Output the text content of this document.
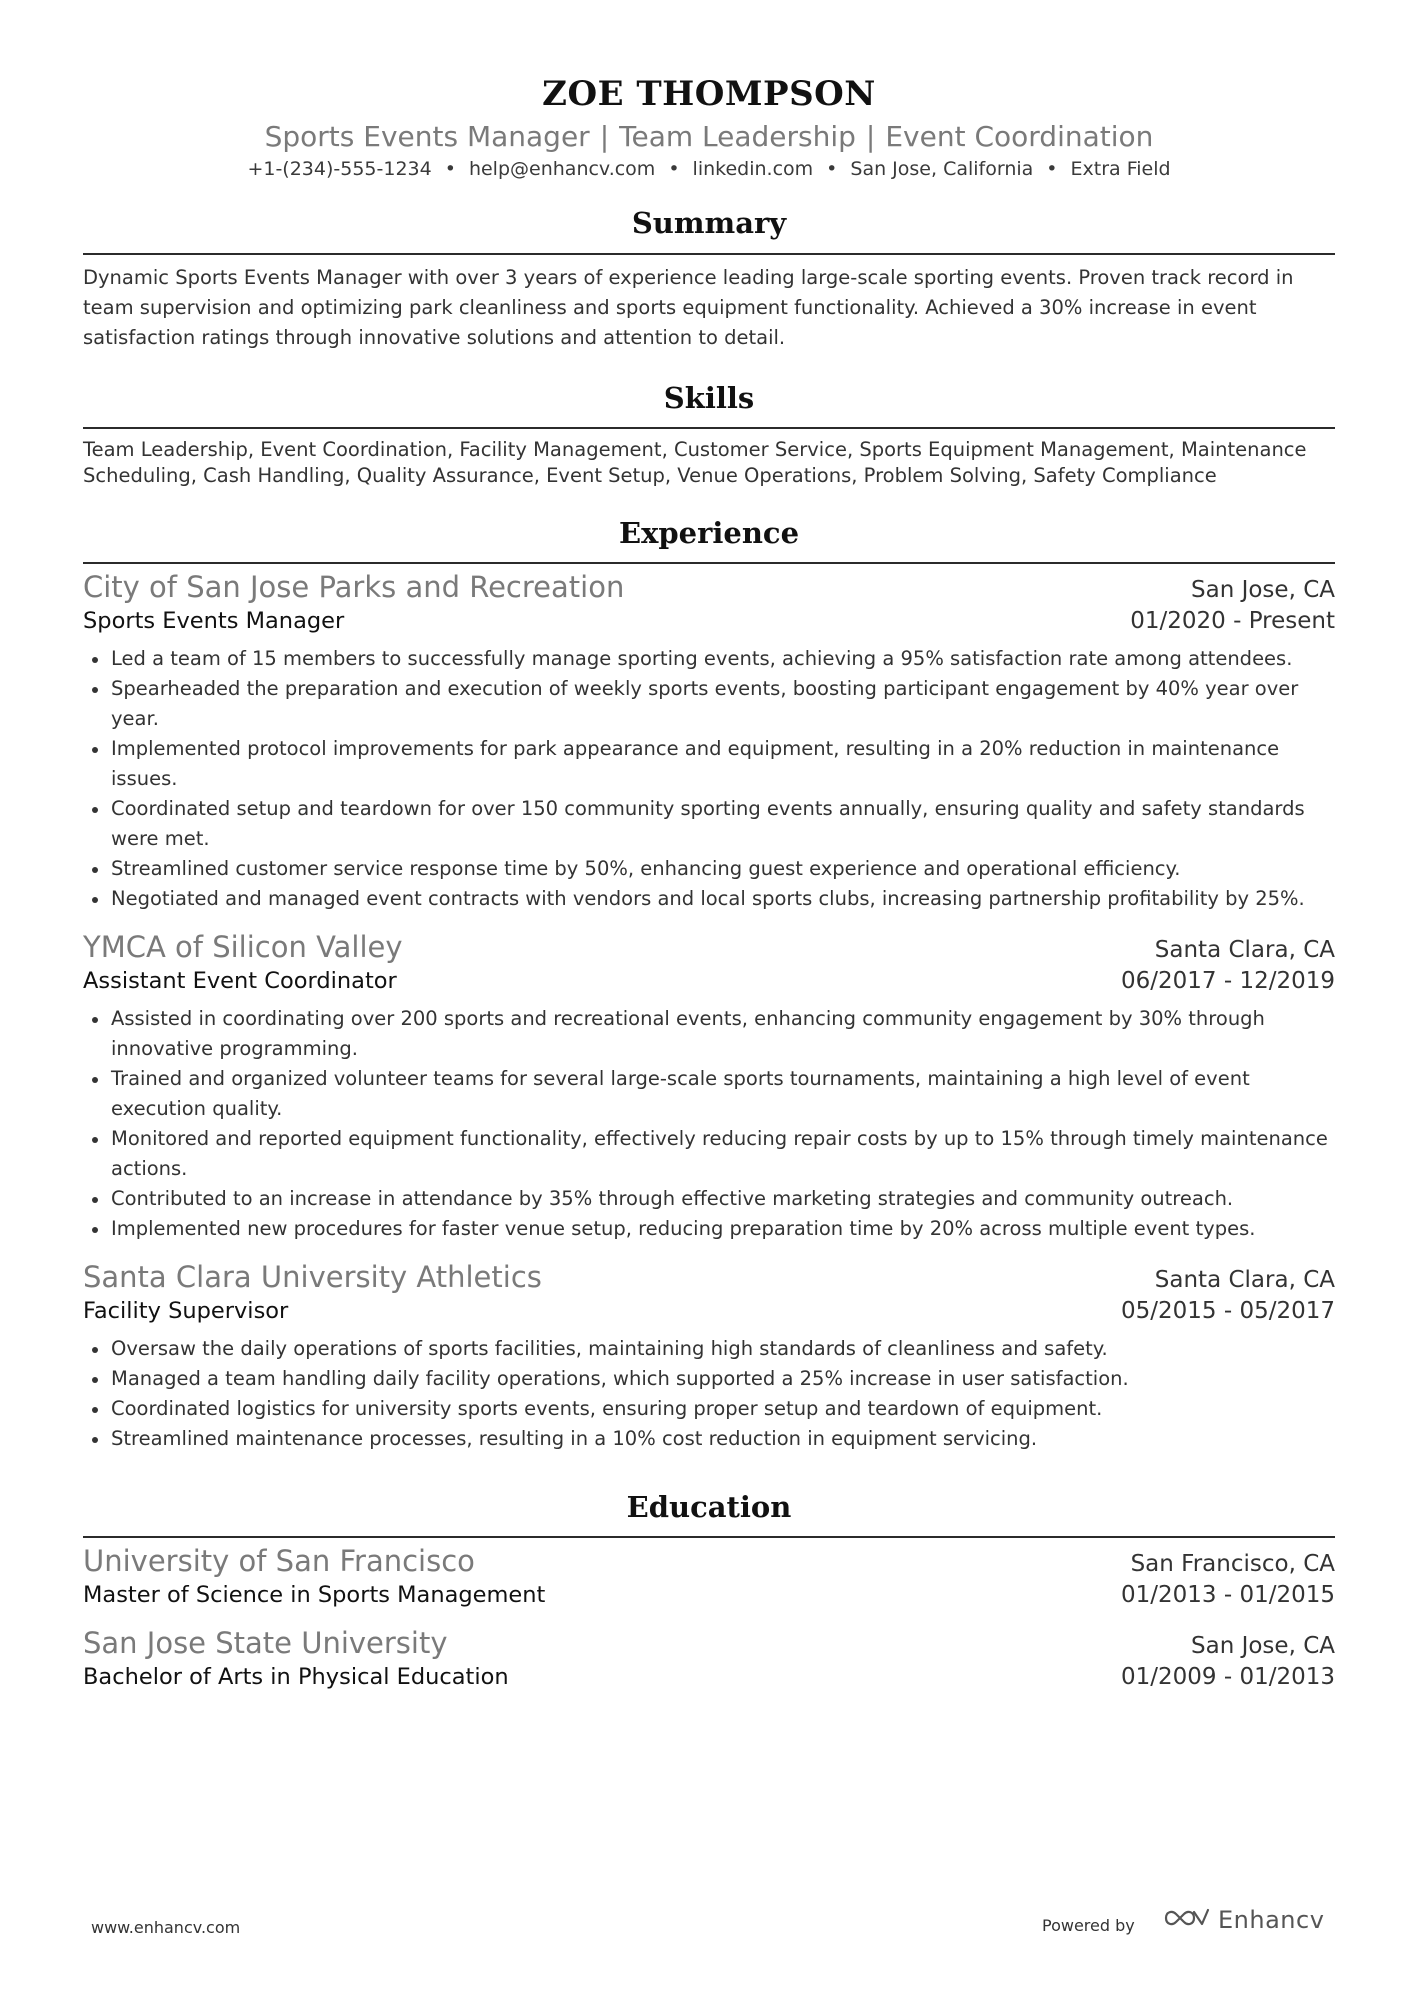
ZOE THOMPSON
Sports Events Manager | Team Leadership | Event Coordination
+1-(234)-555-1234 • help@enhancv.com • linkedin.com • San Jose, California • Extra Field
Summary
Dynamic Sports Events Manager with over 3 years of experience leading large-scale sporting events. Proven track record in team supervision and optimizing park cleanliness and sports equipment functionality. Achieved a 30% increase in event satisfaction ratings through innovative solutions and attention to detail.
Skills
Team Leadership, Event Coordination, Facility Management, Customer Service, Sports Equipment Management, Maintenance Scheduling, Cash Handling, Quality Assurance, Event Setup, Venue Operations, Problem Solving, Safety Compliance
Experience
City of San Jose Parks and Recreation	San Jose, CA
Sports Events Manager	01/2020 - Present
Led a team of 15 members to successfully manage sporting events, achieving a 95% satisfaction rate among attendees.
Spearheaded the preparation and execution of weekly sports events, boosting participant engagement by 40% year over year.
Implemented protocol improvements for park appearance and equipment, resulting in a 20% reduction in maintenance issues.
Coordinated setup and teardown for over 150 community sporting events annually, ensuring quality and safety standards were met.
Streamlined customer service response time by 50%, enhancing guest experience and operational efficiency.
Negotiated and managed event contracts with vendors and local sports clubs, increasing partnership profitability by 25%.
YMCA of Silicon Valley	Santa Clara, CA
Assistant Event Coordinator	06/2017 - 12/2019
Assisted in coordinating over 200 sports and recreational events, enhancing community engagement by 30% through innovative programming.
Trained and organized volunteer teams for several large-scale sports tournaments, maintaining a high level of event execution quality.
Monitored and reported equipment functionality, effectively reducing repair costs by up to 15% through timely maintenance actions.
Contributed to an increase in attendance by 35% through effective marketing strategies and community outreach.
Implemented new procedures for faster venue setup, reducing preparation time by 20% across multiple event types.
Santa Clara University Athletics	Santa Clara, CA
Facility Supervisor	05/2015 - 05/2017
Oversaw the daily operations of sports facilities, maintaining high standards of cleanliness and safety.
Managed a team handling daily facility operations, which supported a 25% increase in user satisfaction.
Coordinated logistics for university sports events, ensuring proper setup and teardown of equipment.
Streamlined maintenance processes, resulting in a 10% cost reduction in equipment servicing.
Education
University of San Francisco	San Francisco, CA
Master of Science in Sports Management	01/2013 - 01/2015
San Jose State University	San Jose, CA
Bachelor of Arts in Physical Education	01/2009 - 01/2013
www.enhancv.com	Powered by	Enhancv
